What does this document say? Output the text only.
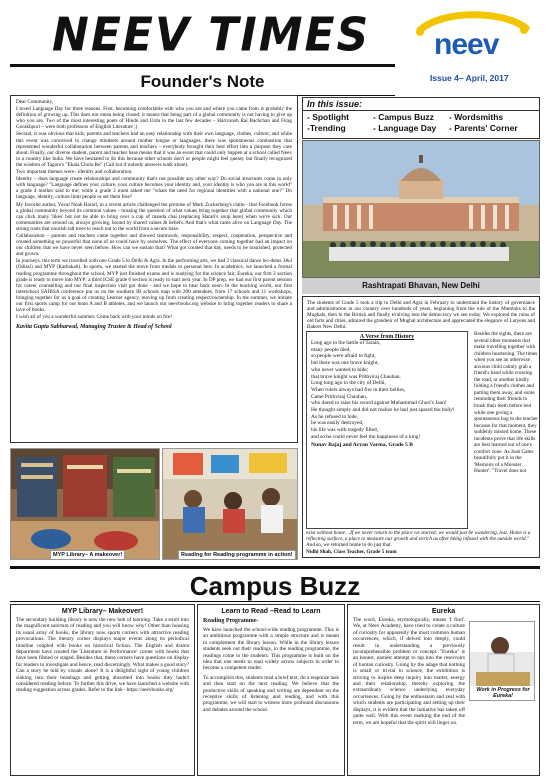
NEEV TIMES neev
Issue 4– April, 2017
Founder's Note

Dear Community,

I loved Language Day for three reasons. First, becoming comfortable with who you are and where you came from is probably the definition of growing up. This does not mean being closed; it means that being part of a global community is not having to give up who you are. Two of the most interesting poets of Hindu and Urdu in the last few decades – Harivansh Rai Bachchan and Firag Gorakhpuri – were both professors of English Literature ;)

Second, it was obvious that kids, parents and teachers had an easy relationship with their own language, clothes, culture; and while this event was conceived to change mindsets around mother tongue or languages, there was spontaneous combustion that represented wonderful collaboration between parents and teachers – everybody brought their best effort into a purpose they care about. Finally, our diverse student, parent and teacher base means that it was an event that could only happen at a school called Neev in a country like India. We have hesitated to do this because other schools don't or people might feel queasy but finally recognized the wisdom of Tagore's "Ekala Cholo Re" (Call but if nobody answers walk alone).

Two important themes were– identity and collaboration.

Identity – does language create relationships and community that's not possible any other way? Do social structures come in only with language? "Language defines your culture, your culture becomes your identity and, your identity is who you are in this world" a grade 4 mother said to me; while a grade 2 mom asked me "whats the need for regional identities with a national one?" Do language, identity, culture limit people or set them free?

My favorite author, Yuval Noah Harari, in a recent article challenged the premise of Mark Zuckerberg's claim - that Facebook forms a global community beyond its common values - missing the question of what values bring together that global community which can click many 'likes' but not be able to bring over a cup of mauda chai (replacing Harari's soup here) when we're sick. Our communities are around us, always growing, bound by shared values & beliefs. And that's what came alive on Language Day. The strong roots that nourish tall trees to reach out to the world from a secure base.

Collaboration – parents and teachers came together and showed teamwork, responsibility, respect, cooperation, perspective and created something so powerful that none of us could have by ourselves. The effect of everyone coming together had an impact on our children that we have never seen before. How can we sustain that? What got created that day, needs to be nourished, protected and grown.

In journeys, this term we travelled with one Grade 5 to Delhi & Agra. In the performing arts, we had 2 classical dance lec-dems 3&4 (Odissi) and MYP (Kathakali). In sports, we started the move from medals to personal best. In academics, we launched a formal reading programme throughout the school, MYP just finished exams and is readying for the science fair, Eureka; our first 2 section grade is ready to move into MYP; a third ICSE grade 6 section is ready to start next year. In DP prep, we had our first parent session for career counselling and our final inspection visit got done - and we hope to hear back soon. In the teaching world, our first interschool SAIBSA conference put us on the southern IB schools map with 200 attendees, from 17 schools and 11 workshops, bringing together for us a goal of creating Learner agency, moving up from creating respect/ownership. In the summer, we initiate our first sports camp for our team A and B athletes, and we launch our neevbooks.org website to bring together readers to share a love of books.

I wish all of you a wonderful summer. Come back with your minds on fire!

Kavita Gupta Sabharwal, Managing Trustee & Head of School
MYP Library– A makeover!	Reading for Reading programme in action!
In this issue:
- Spotlight	- Campus Buzz	- Wordsmiths
-Trending	- Language Day	- Parents' Corner
Rashtrapati Bhavan, New Delhi

The students of Grade 5 took a trip to Delhi and Agra in February to understand the history of governance and administration in our country over hundreds of years, beginning from the rule of the Mamluks to the Mughals, then to the British and finally evolving into the democracy we see today. We explored the ruins of old forts and cities, admired the grandeur of Mughal architecture and appreciated the elegance of Lutyens and Bakers New Delhi.

A Verse from History
Long ago in the battle of Tarain,
many people died,
so people were afraid to fight,
but there was one brave knight,
who never wanted to hide;
that brave knight was Prithviraj Chauhan.
Long long ago in the city of Delhi,
When rulers always had fire in their bellies,
Came Prithviraj Chauhan,
who dared to raise his sword against Muhammad Ghori's Jaan!
He thought simply and did not realize he had just spared the bully!
As he refused to hide,
he was easily destroyed,
his life was with tragedy filled,
and so he could never feel the happiness of a king!
Nunav Bajaj and Aryan Varma, Grade 5 B

Besides the sights, there are several other moments that make travelling together with children heartening. The times when you see an otherwise anxious child calmly grab a friend's hand while crossing the road, or another kindly folding a friend's clothes and putting them away, and some reminding their friends to brush their teeth before bed while one giving a spontaneous hug to the teacher because for that moment, they suddenly missed home. These incidents prove that life skills are best learned out of one's comfort zone. As Josh Gates beautifully put it in the 'Memoirs of a Monster Hunter': "Travel does not

exist without home ...If we never return to the place we started; we would just be wandering, lost. Home is a reflecting surface, a place to measure our growth and enrich us after being infused with the outside world."
And so, we returned home to do just that.
Nidhi Shah, Class Teacher, Grade 5 team
Campus Buzz
MYP Library– Makeover!

The secondary building library is now the new hub of learning. Take a stroll into the magnificent sanctum of reading and you will know why! Other than housing its usual array of books, the library now sports corners with attractive reading provocations. The literary corner displays major events along its periodical timeline coupled with books on historical fiction. The English and drama department have created the 'Literature in Performance' corner with books that have been filmed or staged. Besides that, these corners have questions on display for readers to investigate and hence, read discerningly. What makes a good story? Can a story be told by visuals alone? It is a delightful sight of young children sinking into their beanbags and getting absorbed into books they hadn't considered reading before. To further this drive, we have launched a website with reading suggestion across grades. Refer to the link– https://neevbooks.org/

Learn to Read –Read to Learn
Reading Programme-

We have launched the school-wide reading programme. This is an ambitious programme with a simple structure and is meant to complement the library lesson. While in the library lesson students seek out their readings, in the reading programme, the readings come to the students. This programme is built on the idea that one needs to read widely across subjects in order to become a competent reader.

To accomplish this, students read a brief text, do a response task and then start on the next reading. We believe that the productive skills of speaking and writing are dependent on the receptive skills of listening and reading, and with this programme, we will start to witness more profound discussions and debates around the school.

Eureka
Work in Progress for Eureka!

The word, Eureka, etymologically, means 'I find'. We, at Neev Academy, have tried to create a culture of curiosity for apparently the most common human occurrences, which, if delved into deeply, could result in understanding a previously incomprehensible problem or concept. "Eureka" is an honest, earnest attempt to tap into the reservoirs of human curiosity. Going by the adage that nothing is small or trivial in science, the exhibition is striving to inspire deep inquiry into matter, energy and their relationship, thereby exploring the extraordinary science underlying everyday occurrences. Going by the enthusiasm and zeal with which students are participating and setting up their displays, it is evident that the initiative has taken off quite well. With this event marking the end of the term, we are hopeful that the spirit will linger on.
